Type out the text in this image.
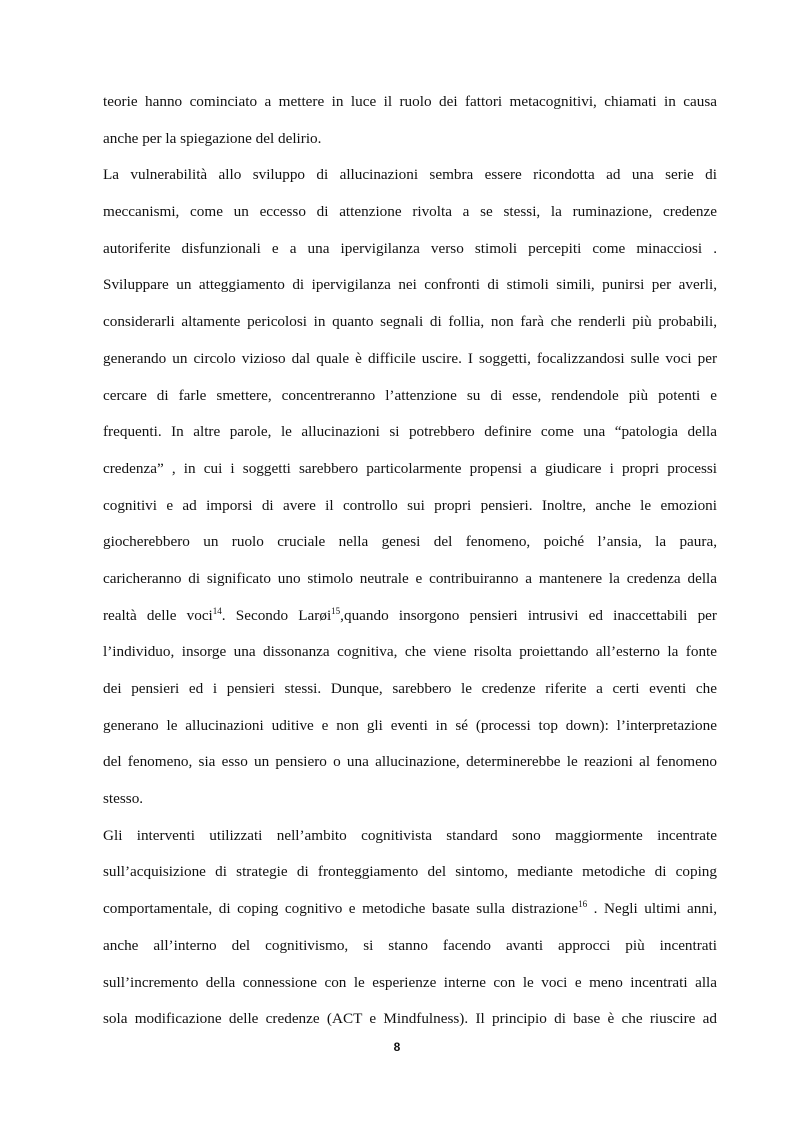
teorie hanno cominciato a mettere in luce il ruolo dei fattori metacognitivi, chiamati in causa
anche per la spiegazione del delirio.
La vulnerabilità allo sviluppo di allucinazioni sembra essere ricondotta ad una serie di
meccanismi, come un eccesso di attenzione rivolta a se stessi, la ruminazione, credenze
autoriferite disfunzionali e a una ipervigilanza verso stimoli percepiti come minacciosi .
Sviluppare un atteggiamento di ipervigilanza nei confronti di stimoli simili, punirsi per averli,
considerarli altamente pericolosi in quanto segnali di follia, non farà che renderli più probabili,
generando un circolo vizioso dal quale è difficile uscire. I soggetti, focalizzandosi sulle voci per
cercare di farle smettere, concentreranno l’attenzione su di esse, rendendole più potenti e
frequenti. In altre parole, le allucinazioni si potrebbero definire come una “patologia della
credenza” , in cui i soggetti sarebbero particolarmente propensi a giudicare i propri processi
cognitivi e ad imporsi di avere il controllo sui propri pensieri. Inoltre, anche le emozioni
giocherebbero un ruolo cruciale nella genesi del fenomeno, poiché l’ansia, la paura,
caricheranno di significato uno stimolo neutrale e contribuiranno a mantenere la credenza della
realtà delle voci$^{14}$. Secondo Larøi$^{15}$,quando insorgono pensieri intrusivi ed inaccettabili per
l’individuo, insorge una dissonanza cognitiva, che viene risolta proiettando all’esterno la fonte
dei pensieri ed i pensieri stessi. Dunque, sarebbero le credenze riferite a certi eventi che
generano le allucinazioni uditive e non gli eventi in sé (processi top down): l’interpretazione
del fenomeno, sia esso un pensiero o una allucinazione, determinerebbe le reazioni al fenomeno
stesso.
Gli interventi utilizzati nell’ambito cognitivista standard sono maggiormente incentrate
sull’acquisizione di strategie di fronteggiamento del sintomo, mediante metodiche di coping
comportamentale, di coping cognitivo e metodiche basate sulla distrazione$^{16}$ . Negli ultimi anni,
anche all’interno del cognitivismo, si stanno facendo avanti approcci più incentrati
sull’incremento della connessione con le esperienze interne con le voci e meno incentrati alla
sola modificazione delle credenze (ACT e Mindfulness). Il principio di base è che riuscire ad
8
